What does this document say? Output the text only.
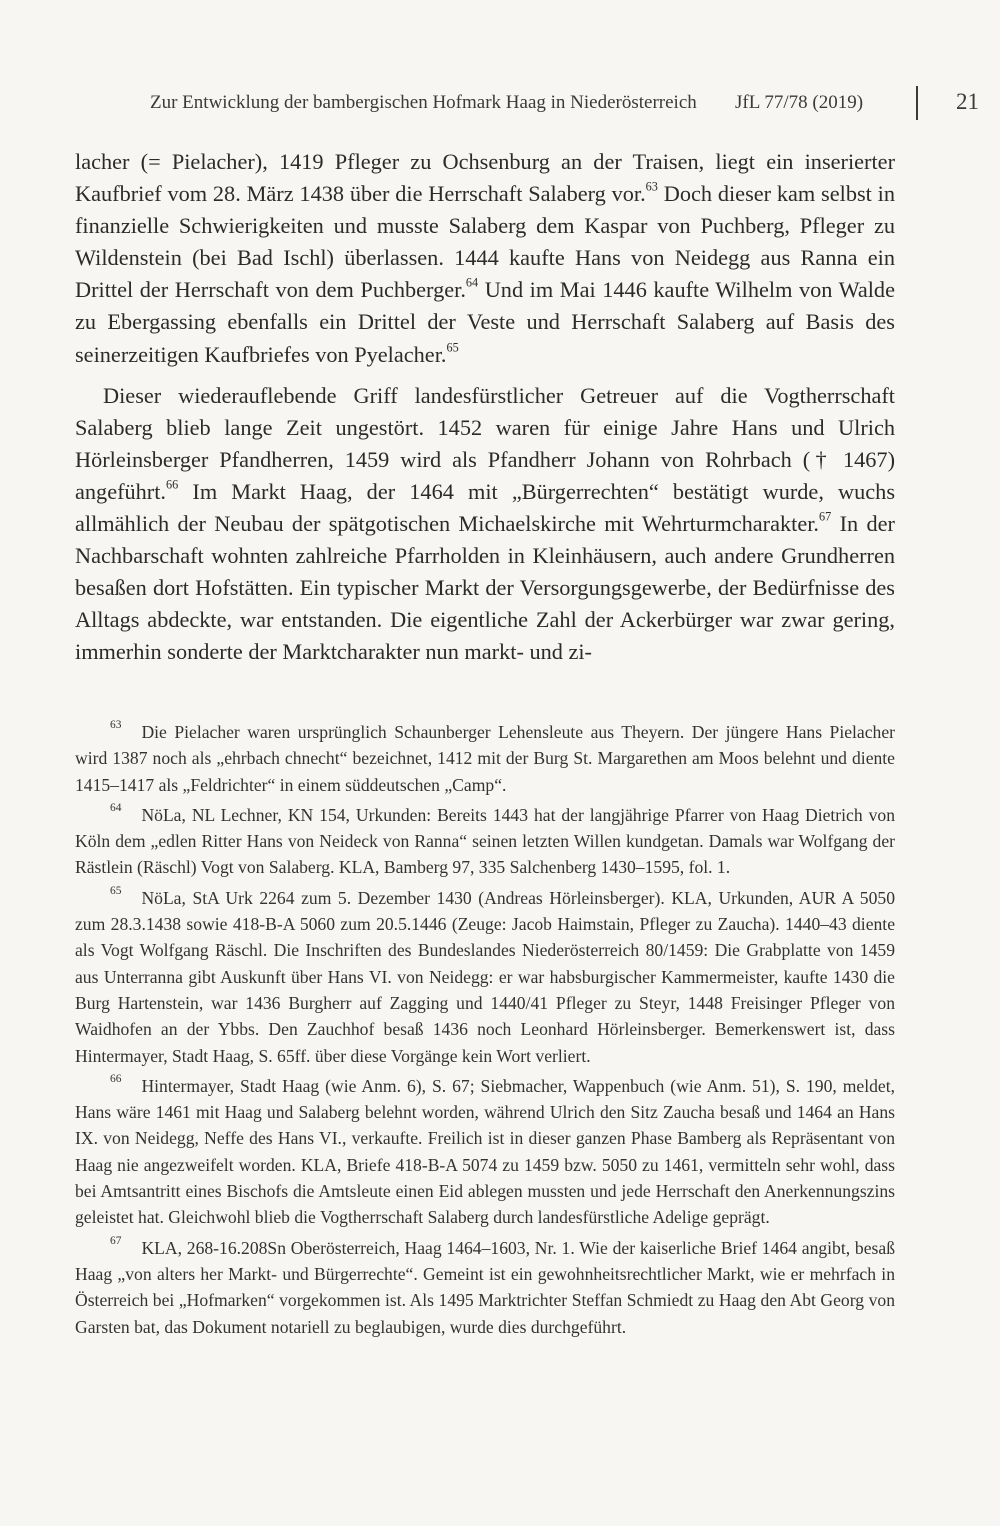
Zur Entwicklung der bambergischen Hofmark Haag in Niederösterreich JfL 77/78 (2019)	21

lacher (= Pielacher), 1419 Pfleger zu Ochsenburg an der Traisen, liegt ein inserierter Kaufbrief vom 28. März 1438 über die Herrschaft Salaberg vor.$^{63}$ Doch dieser kam selbst in finanzielle Schwierigkeiten und musste Salaberg dem Kaspar von Puchberg, Pfleger zu Wildenstein (bei Bad Ischl) überlassen. 1444 kaufte Hans von Neidegg aus Ranna ein Drittel der Herrschaft von dem Puchberger.$^{64}$ Und im Mai 1446 kaufte Wilhelm von Walde zu Ebergassing ebenfalls ein Drittel der Veste und Herrschaft Salaberg auf Basis des seinerzeitigen Kaufbriefes von Pyelacher.$^{65}$

Dieser wiederauflebende Griff landesfürstlicher Getreuer auf die Vogtherrschaft Salaberg blieb lange Zeit ungestört. 1452 waren für einige Jahre Hans und Ulrich Hörleinsberger Pfandherren, 1459 wird als Pfandherr Johann von Rohrbach († 1467) angeführt.$^{66}$ Im Markt Haag, der 1464 mit „Bürgerrechten“ bestätigt wurde, wuchs allmählich der Neubau der spätgotischen Michaelskirche mit Wehrturmcharakter.$^{67}$ In der Nachbarschaft wohnten zahlreiche Pfarrholden in Kleinhäusern, auch andere Grundherren besaßen dort Hofstätten. Ein typischer Markt der Versorgungsgewerbe, der Bedürfnisse des Alltags abdeckte, war entstanden. Die eigentliche Zahl der Ackerbürger war zwar gering, immerhin sonderte der Marktcharakter nun markt- und zi-

63 Die Pielacher waren ursprünglich Schaunberger Lehensleute aus Theyern. Der jüngere Hans Pielacher wird 1387 noch als „ehrbach chnecht“ bezeichnet, 1412 mit der Burg St. Margarethen am Moos belehnt und diente 1415–1417 als „Feldrichter“ in einem süddeutschen „Camp“.

64 NöLa, NL Lechner, KN 154, Urkunden: Bereits 1443 hat der langjährige Pfarrer von Haag Dietrich von Köln dem „edlen Ritter Hans von Neideck von Ranna“ seinen letzten Willen kundgetan. Damals war Wolfgang der Rästlein (Räschl) Vogt von Salaberg. KLA, Bamberg 97, 335 Salchenberg 1430–1595, fol. 1.

65 NöLa, StA Urk 2264 zum 5. Dezember 1430 (Andreas Hörleinsberger). KLA, Urkunden, AUR A 5050 zum 28.3.1438 sowie 418-B-A 5060 zum 20.5.1446 (Zeuge: Jacob Haimstain, Pfleger zu Zaucha). 1440–43 diente als Vogt Wolfgang Räschl. Die Inschriften des Bundeslandes Niederösterreich 80/1459: Die Grabplatte von 1459 aus Unterranna gibt Auskunft über Hans VI. von Neidegg: er war habsburgischer Kammermeister, kaufte 1430 die Burg Hartenstein, war 1436 Burgherr auf Zagging und 1440/41 Pfleger zu Steyr, 1448 Freisinger Pfleger von Waidhofen an der Ybbs. Den Zauchhof besaß 1436 noch Leonhard Hörleinsberger. Bemerkenswert ist, dass Hintermayer, Stadt Haag, S. 65ff. über diese Vorgänge kein Wort verliert.

66 Hintermayer, Stadt Haag (wie Anm. 6), S. 67; Siebmacher, Wappenbuch (wie Anm. 51), S. 190, meldet, Hans wäre 1461 mit Haag und Salaberg belehnt worden, während Ulrich den Sitz Zaucha besaß und 1464 an Hans IX. von Neidegg, Neffe des Hans VI., verkaufte. Freilich ist in dieser ganzen Phase Bamberg als Repräsentant von Haag nie angezweifelt worden. KLA, Briefe 418-B-A 5074 zu 1459 bzw. 5050 zu 1461, vermitteln sehr wohl, dass bei Amtsantritt eines Bischofs die Amtsleute einen Eid ablegen mussten und jede Herrschaft den Anerkennungszins geleistet hat. Gleichwohl blieb die Vogtherrschaft Salaberg durch landesfürstliche Adelige geprägt.

67 KLA, 268-16.208Sn Oberösterreich, Haag 1464–1603, Nr. 1. Wie der kaiserliche Brief 1464 angibt, besaß Haag „von alters her Markt- und Bürgerrechte“. Gemeint ist ein gewohnheitsrechtlicher Markt, wie er mehrfach in Österreich bei „Hofmarken“ vorgekommen ist. Als 1495 Marktrichter Steffan Schmiedt zu Haag den Abt Georg von Garsten bat, das Dokument notariell zu beglaubigen, wurde dies durchgeführt.
